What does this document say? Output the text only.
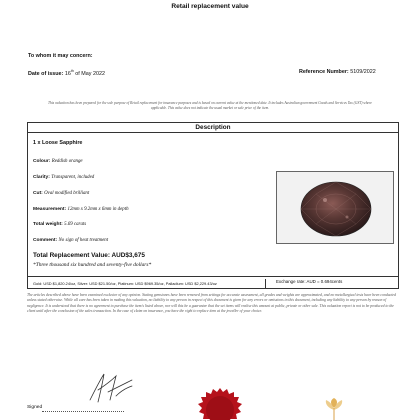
Retail replacement value
To whom it may concern:
Date of issue: 16th of May 2022	Reference Number: 5109/2022
This valuation has been prepared for the sole purpose of Retail replacement for insurance purposes and is based on current value at the mentioned date. It includes Australian government Goods and Services Tax (GST) where applicable. This value does not indicate the usual market or sale price of the item.
Description
1 x Loose Sapphire
Colour: Reddish orange
Clarity: Transparent, included
Cut: Oval modified brilliant
Measurement: 12mm x 9.2mm x 6mm in depth
Total weight: 5.69 carats
Comment: No sign of heat treatment
Total Replacement Value: AUD$3,675
*Three thousand six hundred and seventy-five dollars*
Gold: USD $1,820.24/oz, Silver: USD $21.50/oz, Platinum: USD $969.35/oz, Palladium: USD $2,229.43/oz	Exchange rate: AUD = 0.694cents
The articles described above have been examined exclusive of any opinion. Stating gemstones have been removed from settings for accurate assessment, all grades and weights are approximated, and no metallurgical tests have been conducted unless stated otherwise. While all care has been taken in making this valuation, no liability to any person in respect of this document is given for any errors or omissions in this document, including any liability to any person by reason of negligence. It is understood that there is no agreement to purchase the item/s listed above, nor will this be a guarantee that the set items will realise this amount at public, private or other sale. This valuation report is not to be produced to the client until after the conclusion of the sales transaction. In the case of claim on insurance, you have the right to replace item at the jeweller of your choice.
Signed
